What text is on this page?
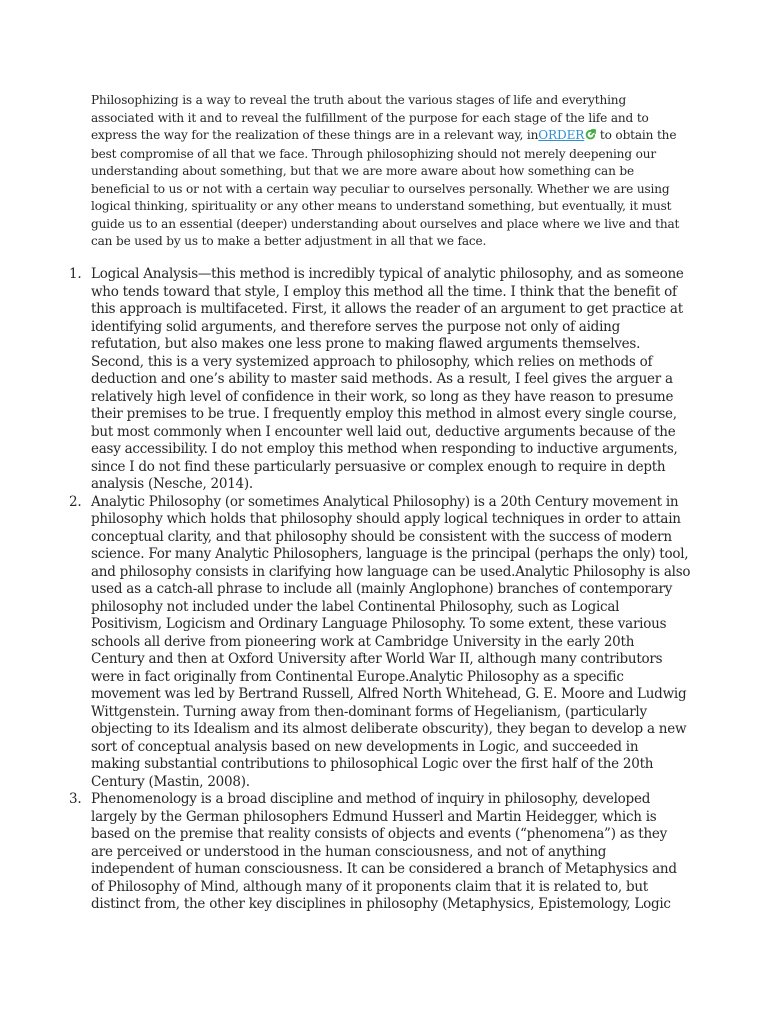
Philosophizing is a way to reveal the truth about the various stages of life and everything associated with it and to reveal the fulfillment of the purpose for each stage of the life and to express the way for the realization of these things are in a relevant way, inORDER to obtain the best compromise of all that we face. Through philosophizing should not merely deepening our understanding about something, but that we are more aware about how something can be beneficial to us or not with a certain way peculiar to ourselves personally. Whether we are using logical thinking, spirituality or any other means to understand something, but eventually, it must guide us to an essential (deeper) understanding about ourselves and place where we live and that can be used by us to make a better adjustment in all that we face.

1. Logical Analysis—this method is incredibly typical of analytic philosophy, and as someone who tends toward that style, I employ this method all the time. I think that the benefit of this approach is multifaceted. First, it allows the reader of an argument to get practice at identifying solid arguments, and therefore serves the purpose not only of aiding refutation, but also makes one less prone to making flawed arguments themselves. Second, this is a very systemized approach to philosophy, which relies on methods of deduction and one’s ability to master said methods. As a result, I feel gives the arguer a relatively high level of confidence in their work, so long as they have reason to presume their premises to be true. I frequently employ this method in almost every single course, but most commonly when I encounter well laid out, deductive arguments because of the easy accessibility. I do not employ this method when responding to inductive arguments, since I do not find these particularly persuasive or complex enough to require in depth analysis (Nesche, 2014).
2. Analytic Philosophy (or sometimes Analytical Philosophy) is a 20th Century movement in philosophy which holds that philosophy should apply logical techniques in order to attain conceptual clarity, and that philosophy should be consistent with the success of modern science. For many Analytic Philosophers, language is the principal (perhaps the only) tool, and philosophy consists in clarifying how language can be used.Analytic Philosophy is also used as a catch-all phrase to include all (mainly Anglophone) branches of contemporary philosophy not included under the label Continental Philosophy, such as Logical Positivism, Logicism and Ordinary Language Philosophy. To some extent, these various schools all derive from pioneering work at Cambridge University in the early 20th Century and then at Oxford University after World War II, although many contributors were in fact originally from Continental Europe.Analytic Philosophy as a specific movement was led by Bertrand Russell, Alfred North Whitehead, G. E. Moore and Ludwig Wittgenstein. Turning away from then-dominant forms of Hegelianism, (particularly objecting to its Idealism and its almost deliberate obscurity), they began to develop a new sort of conceptual analysis based on new developments in Logic, and succeeded in making substantial contributions to philosophical Logic over the first half of the 20th Century (Mastin, 2008).
3. Phenomenology is a broad discipline and method of inquiry in philosophy, developed largely by the German philosophers Edmund Husserl and Martin Heidegger, which is based on the premise that reality consists of objects and events (“phenomena”) as they are perceived or understood in the human consciousness, and not of anything independent of human consciousness. It can be considered a branch of Metaphysics and of Philosophy of Mind, although many of it proponents claim that it is related to, but distinct from, the other key disciplines in philosophy (Metaphysics, Epistemology, Logic
